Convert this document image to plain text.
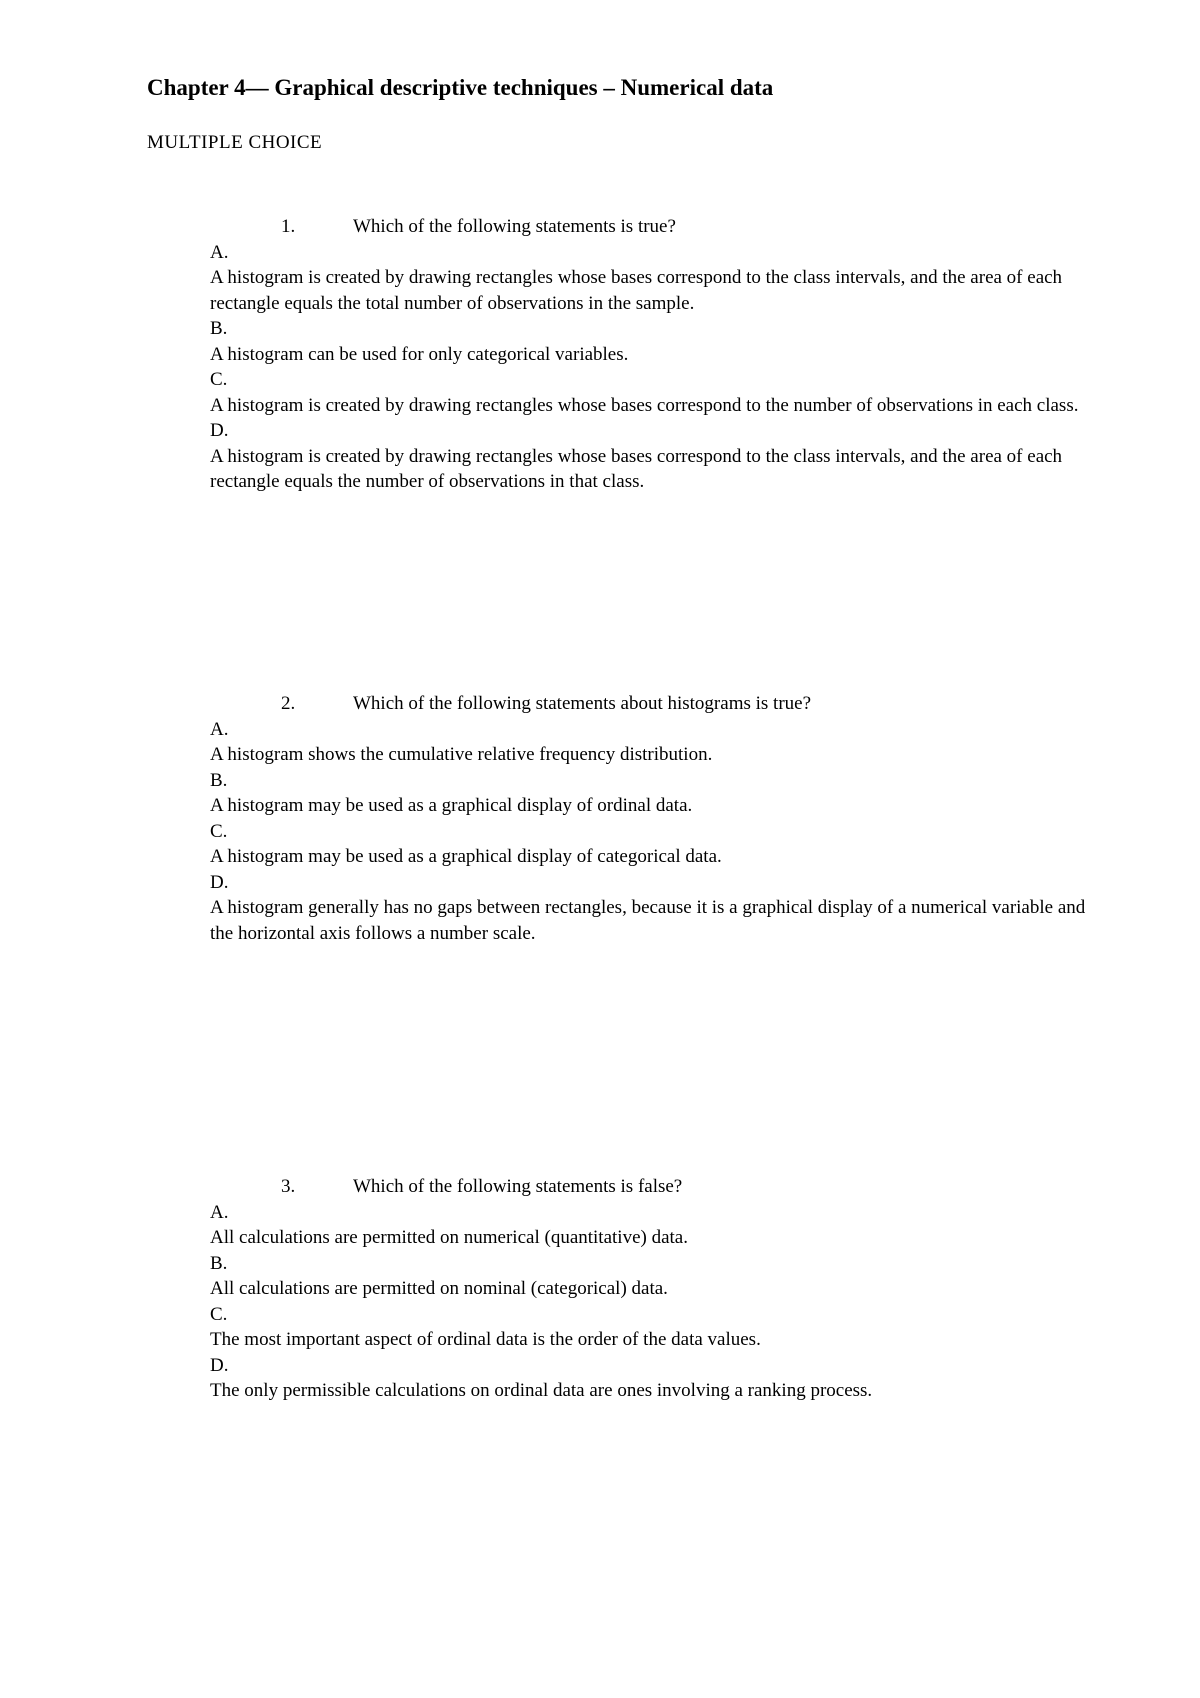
Chapter 4— Graphical descriptive techniques – Numerical data
MULTIPLE CHOICE
1.	Which of the following statements is true?
A.
A histogram is created by drawing rectangles whose bases correspond to the class intervals, and the area of each rectangle equals the total number of observations in the sample.
B.
A histogram can be used for only categorical variables.
C.
A histogram is created by drawing rectangles whose bases correspond to the number of observations in each class.
D.
A histogram is created by drawing rectangles whose bases correspond to the class intervals, and the area of each rectangle equals the number of observations in that class.
2.	Which of the following statements about histograms is true?
A.
A histogram shows the cumulative relative frequency distribution.
B.
A histogram may be used as a graphical display of ordinal data.
C.
A histogram may be used as a graphical display of categorical data.
D.
A histogram generally has no gaps between rectangles, because it is a graphical display of a numerical variable and the horizontal axis follows a number scale.
3.	Which of the following statements is false?
A.
All calculations are permitted on numerical (quantitative) data.
B.
All calculations are permitted on nominal (categorical) data.
C.
The most important aspect of ordinal data is the order of the data values.
D.
The only permissible calculations on ordinal data are ones involving a ranking process.
